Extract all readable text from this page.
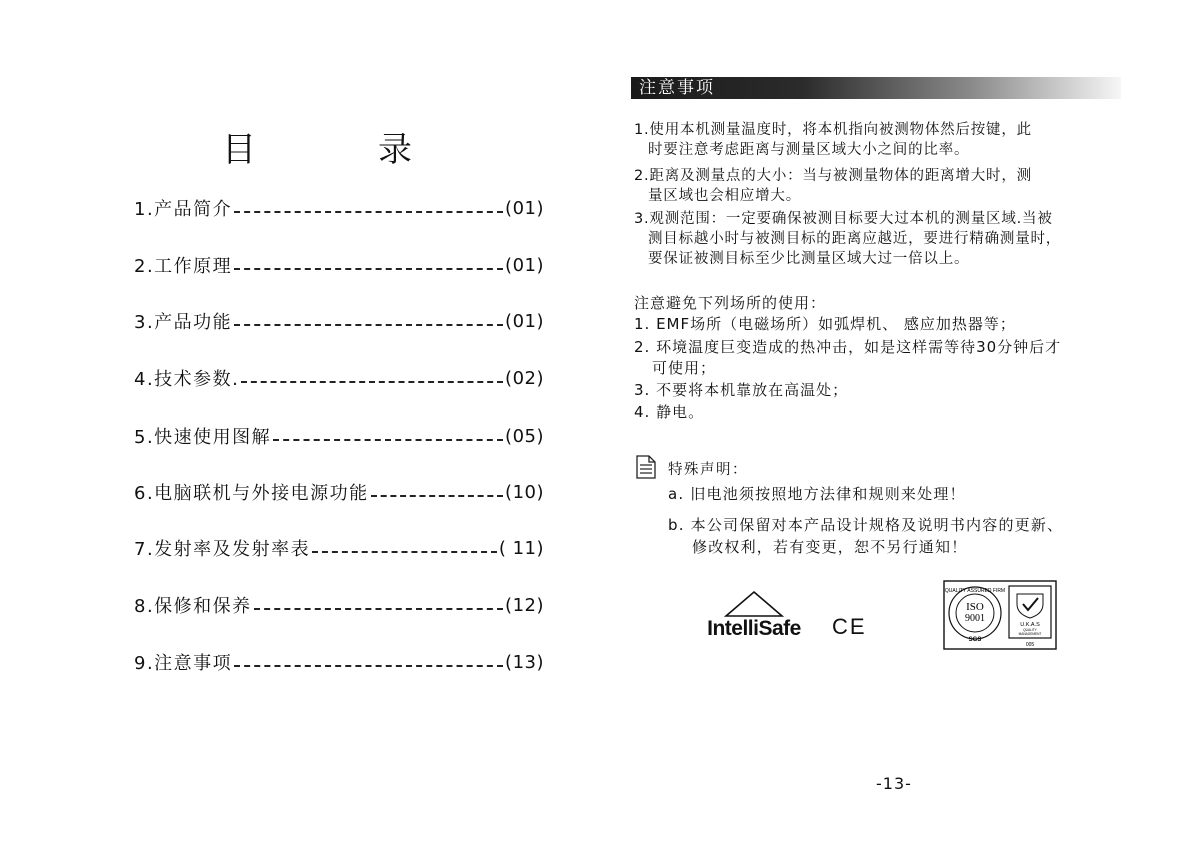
目	录
1.产品简介	(01)
2.工作原理	(01)
3.产品功能	(01)
4.技术参数.	(02)
5.快速使用图解	(05)
6.电脑联机与外接电源功能	(10)
7.发射率及发射率表	( 11)
8.保修和保养	(12)
9.注意事项	(13)
注意事项
1.使用本机测量温度时，将本机指向被测物体然后按键，此
时要注意考虑距离与测量区域大小之间的比率。
2.距离及测量点的大小：当与被测量物体的距离增大时，测
量区域也会相应增大。
3.观测范围：一定要确保被测目标要大过本机的测量区域.当被
测目标越小时与被测目标的距离应越近，要进行精确测量时，
要保证被测目标至少比测量区域大过一倍以上。
注意避免下列场所的使用：
1. EMF场所（电磁场所）如弧焊机、 感应加热器等；
2. 环境温度巨变造成的热冲击，如是这样需等待30分钟后才
可使用；
3. 不要将本机靠放在高温处；
4. 静电。
特殊声明：
a. 旧电池须按照地方法律和规则来处理！
b. 本公司保留对本产品设计规格及说明书内容的更新、
修改权利，若有变更，恕不另行通知！
IntelliSafe	CE
QUALITY ASSURED FIRM
ISO
9001
SGS
U.K.A.S
QUALITY
MANAGEMENT
005
-13-
